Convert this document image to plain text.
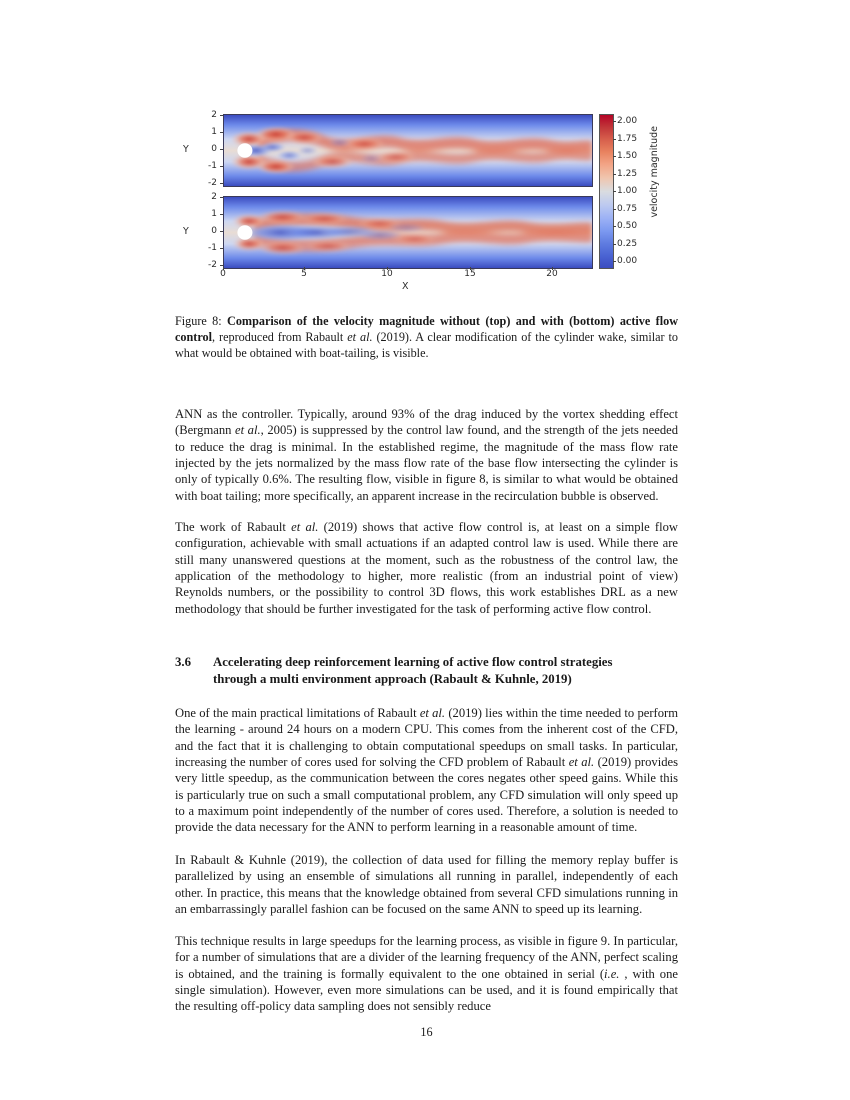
Y
Y
2
1
0
-1
-2
2
1
0
-1
-2
0	5	10	15	20
X
2.00
1.75
1.50
1.25
1.00
0.75
0.50
0.25
0.00
velocity magnitude
Figure 8: Comparison of the velocity magnitude without (top) and with (bottom) active flow control, reproduced from Rabault et al. (2019). A clear modification of the cylinder wake, similar to what would be obtained with boat-tailing, is visible.

ANN as the controller. Typically, around 93% of the drag induced by the vortex shedding effect (Bergmann et al., 2005) is suppressed by the control law found, and the strength of the jets needed to reduce the drag is minimal. In the established regime, the magnitude of the mass flow rate injected by the jets normalized by the mass flow rate of the base flow intersecting the cylinder is only of typically 0.6%. The resulting flow, visible in figure 8, is similar to what would be obtained with boat tailing; more specifically, an apparent increase in the recirculation bubble is observed.

The work of Rabault et al. (2019) shows that active flow control is, at least on a simple flow configuration, achievable with small actuations if an adapted control law is used. While there are still many unanswered questions at the moment, such as the robustness of the control law, the application of the methodology to higher, more realistic (from an industrial point of view) Reynolds numbers, or the possibility to control 3D flows, this work establishes DRL as a new methodology that should be further investigated for the task of performing active flow control.

3.6 Accelerating deep reinforcement learning of active flow control strategies through a multi environment approach (Rabault & Kuhnle, 2019)

One of the main practical limitations of Rabault et al. (2019) lies within the time needed to perform the learning - around 24 hours on a modern CPU. This comes from the inherent cost of the CFD, and the fact that it is challenging to obtain computational speedups on small tasks. In particular, increasing the number of cores used for solving the CFD problem of Rabault et al. (2019) provides very little speedup, as the communication between the cores negates other speed gains. While this is particularly true on such a small computational problem, any CFD simulation will only speed up to a maximum point independently of the number of cores used. Therefore, a solution is needed to provide the data necessary for the ANN to perform learning in a reasonable amount of time.

In Rabault & Kuhnle (2019), the collection of data used for filling the memory replay buffer is parallelized by using an ensemble of simulations all running in parallel, independently of each other. In practice, this means that the knowledge obtained from several CFD simulations running in an embarrassingly parallel fashion can be focused on the same ANN to speed up its learning.

This technique results in large speedups for the learning process, as visible in figure 9. In particular, for a number of simulations that are a divider of the learning frequency of the ANN, perfect scaling is obtained, and the training is formally equivalent to the one obtained in serial (i.e. , with one single simulation). However, even more simulations can be used, and it is found empirically that the resulting off-policy data sampling does not sensibly reduce

16
